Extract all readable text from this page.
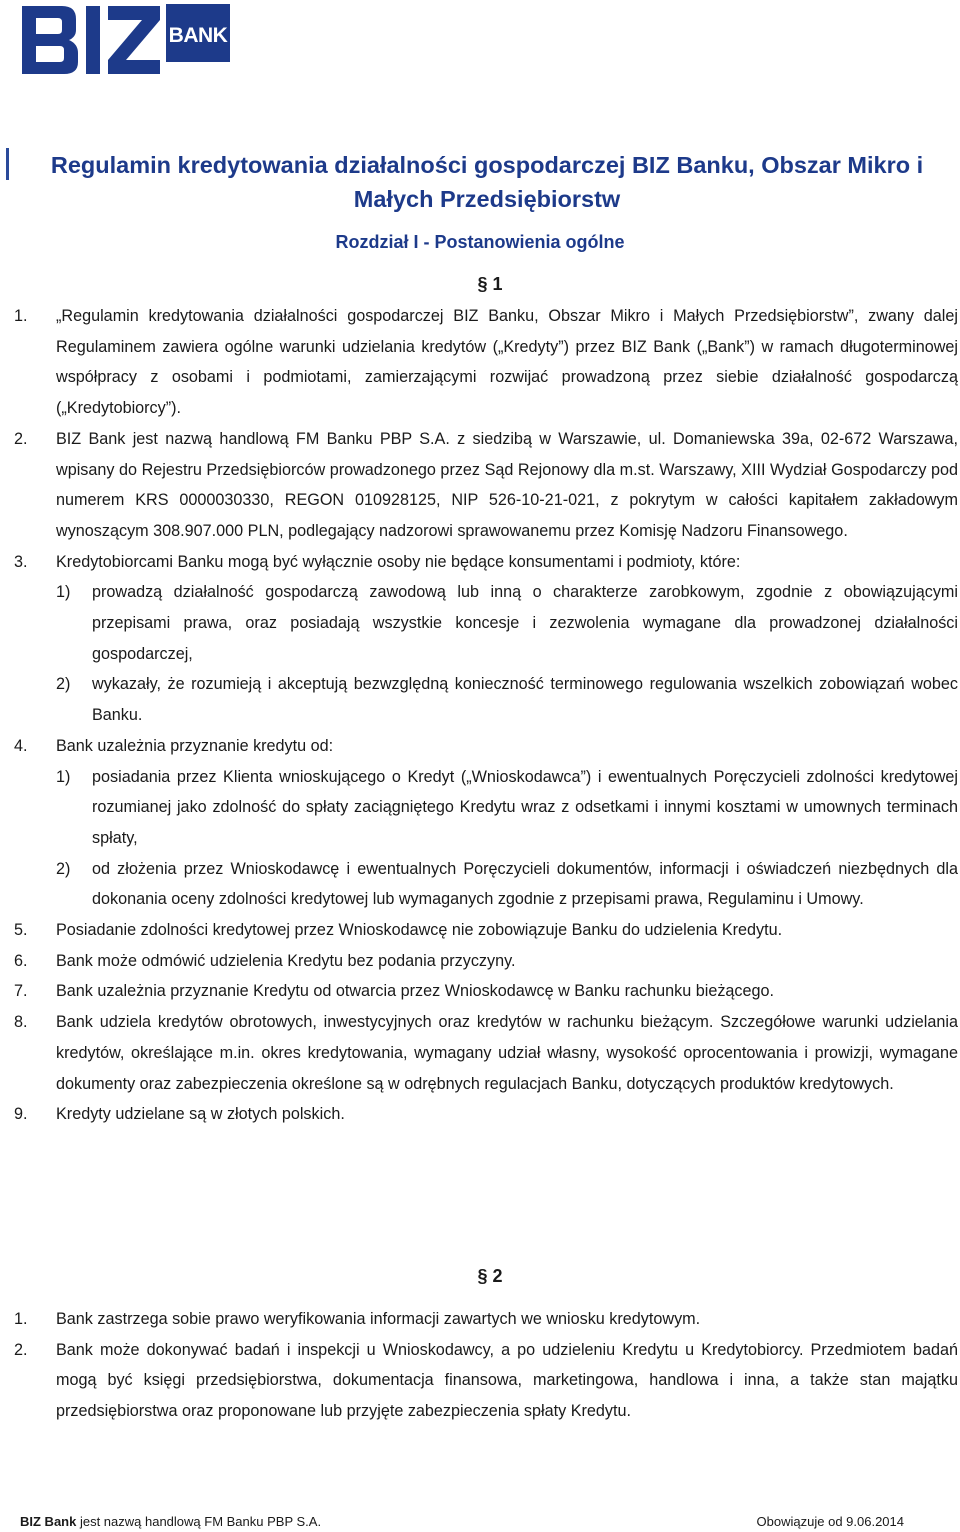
BANK
Regulamin kredytowania działalności gospodarczej BIZ Banku, Obszar Mikro i Małych Przedsiębiorstw
Rozdział I - Postanowienia ogólne
§ 1
1.	„Regulamin kredytowania działalności gospodarczej BIZ Banku, Obszar Mikro i Małych Przedsiębiorstw”, zwany dalej Regulaminem zawiera ogólne warunki udzielania kredytów („Kredyty”) przez BIZ Bank („Bank”) w ramach długoterminowej współpracy z osobami i podmiotami, zamierzającymi rozwijać prowadzoną przez siebie działalność gospodarczą („Kredytobiorcy”).
2.	BIZ Bank jest nazwą handlową FM Banku PBP S.A. z siedzibą w Warszawie, ul. Domaniewska 39a, 02-672 Warszawa, wpisany do Rejestru Przedsiębiorców prowadzonego przez Sąd Rejonowy dla m.st. Warszawy, XIII Wydział Gospodarczy pod numerem KRS 0000030330, REGON 010928125, NIP 526-10-21-021, z pokrytym w całości kapitałem zakładowym wynoszącym 308.907.000 PLN, podlegający nadzorowi sprawowanemu przez Komisję Nadzoru Finansowego.
3.	Kredytobiorcami Banku mogą być wyłącznie osoby nie będące konsumentami i podmioty, które:
1)	prowadzą działalność gospodarczą zawodową lub inną o charakterze zarobkowym, zgodnie z obowiązującymi przepisami prawa, oraz posiadają wszystkie koncesje i zezwolenia wymagane dla prowadzonej działalności gospodarczej,
2)	wykazały, że rozumieją i akceptują bezwzględną konieczność terminowego regulowania wszelkich zobowiązań wobec Banku.
4.	Bank uzależnia przyznanie kredytu od:
1)	posiadania przez Klienta wnioskującego o Kredyt („Wnioskodawca”) i ewentualnych Poręczycieli zdolności kredytowej rozumianej jako zdolność do spłaty zaciągniętego Kredytu wraz z odsetkami i innymi kosztami w umownych terminach spłaty,
2)	od złożenia przez Wnioskodawcę i ewentualnych Poręczycieli dokumentów, informacji i oświadczeń niezbędnych dla dokonania oceny zdolności kredytowej lub wymaganych zgodnie z przepisami prawa, Regulaminu i Umowy.
5.	Posiadanie zdolności kredytowej przez Wnioskodawcę nie zobowiązuje Banku do udzielenia Kredytu.
6.	Bank może odmówić udzielenia Kredytu bez podania przyczyny.
7.	Bank uzależnia przyznanie Kredytu od otwarcia przez Wnioskodawcę w Banku rachunku bieżącego.
8.	Bank udziela kredytów obrotowych, inwestycyjnych oraz kredytów w rachunku bieżącym. Szczegółowe warunki udzielania kredytów, określające m.in. okres kredytowania, wymagany udział własny, wysokość oprocentowania i prowizji, wymagane dokumenty oraz zabezpieczenia określone są w odrębnych regulacjach Banku, dotyczących produktów kredytowych.
9.	Kredyty udzielane są w złotych polskich.
§ 2
1.	Bank zastrzega sobie prawo weryfikowania informacji zawartych we wniosku kredytowym.
2.	Bank może dokonywać badań i inspekcji u Wnioskodawcy, a po udzieleniu Kredytu u Kredytobiorcy. Przedmiotem badań mogą być księgi przedsiębiorstwa, dokumentacja finansowa, marketingowa, handlowa i inna, a także stan majątku przedsiębiorstwa oraz proponowane lub przyjęte zabezpieczenia spłaty Kredytu.
BIZ Bank jest nazwą handlową FM Banku PBP S.A.	Obowiązuje od 9.06.2014
